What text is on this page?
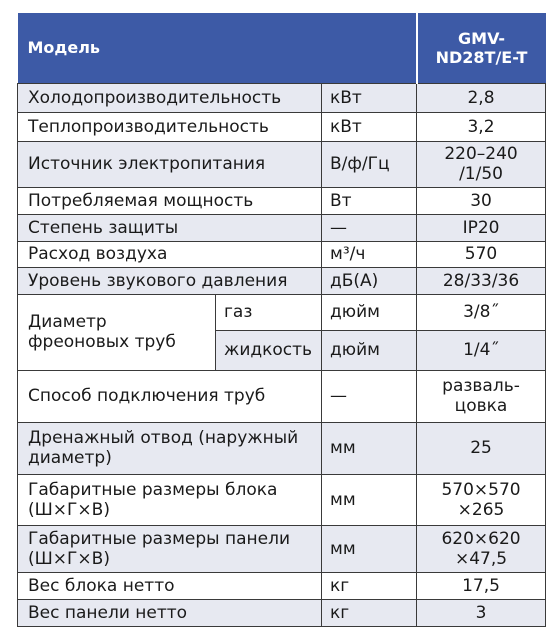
Модель			GMV-ND28T/E-T
Холодопроизводительность		кВт	2,8
Теплопроизводительность		кВт	3,2
Источник электропитания		В/ф/Гц	220–240 /1/50
Потребляемая мощность		Вт	30
Степень защиты		—	IP20
Расход воздуха		м³/ч	570
Уровень звукового давления		дБ(А)	28/33/36
Диаметр фреоновых труб	газ	дюйм	3/8˝
	жидкость	дюйм	1/4˝
Способ подключения труб		—	разваль-цовка
Дренажный отвод (наружный диаметр)		мм	25
Габаритные размеры блока (Ш×Г×В)		мм	570×570 ×265
Габаритные размеры панели (Ш×Г×В)		мм	620×620 ×47,5
Вес блока нетто		кг	17,5
Вес панели нетто		кг	3
